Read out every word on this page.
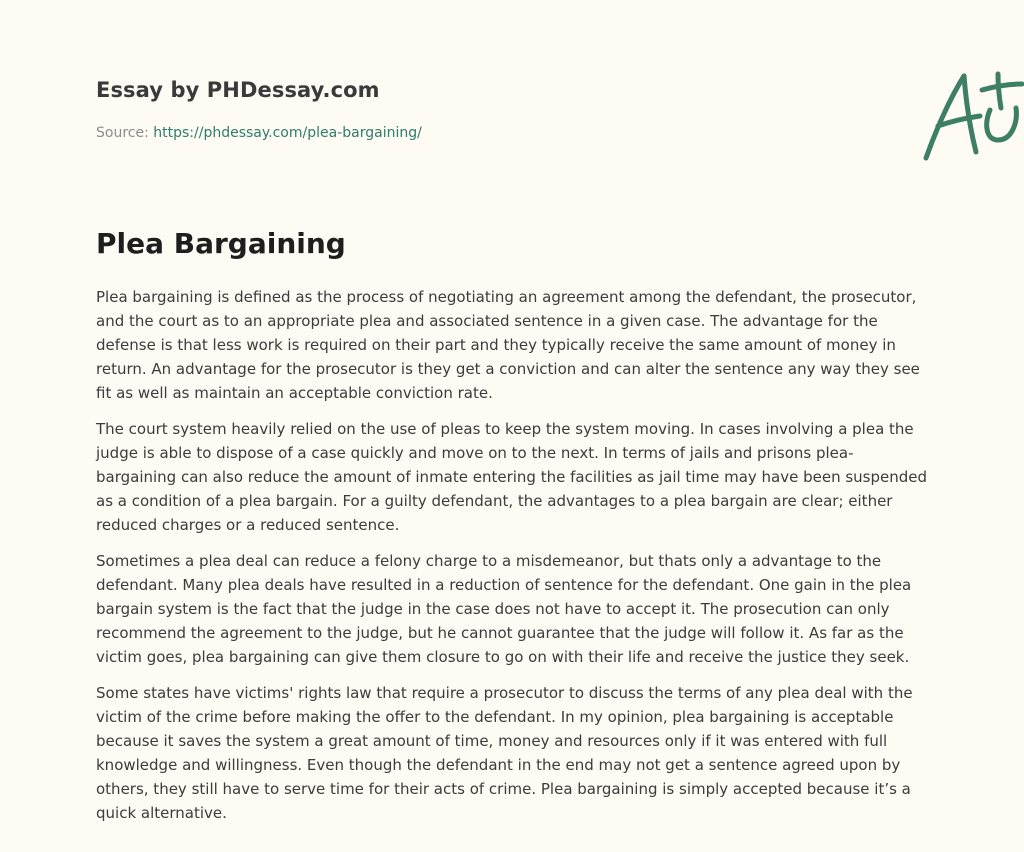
Essay by PHDessay.com
Source: https://phdessay.com/plea-bargaining/
Plea Bargaining

Plea bargaining is defined as the process of negotiating an agreement among the defendant, the prosecutor, and the court as to an appropriate plea and associated sentence in a given case. The advantage for the defense is that less work is required on their part and they typically receive the same amount of money in return. An advantage for the prosecutor is they get a conviction and can alter the sentence any way they see fit as well as maintain an acceptable conviction rate.

The court system heavily relied on the use of pleas to keep the system moving. In cases involving a plea the judge is able to dispose of a case quickly and move on to the next. In terms of jails and prisons plea-bargaining can also reduce the amount of inmate entering the facilities as jail time may have been suspended as a condition of a plea bargain. For a guilty defendant, the advantages to a plea bargain are clear; either reduced charges or a reduced sentence.

Sometimes a plea deal can reduce a felony charge to a misdemeanor, but thats only a advantage to the defendant. Many plea deals have resulted in a reduction of sentence for the defendant. One gain in the plea bargain system is the fact that the judge in the case does not have to accept it. The prosecution can only recommend the agreement to the judge, but he cannot guarantee that the judge will follow it. As far as the victim goes, plea bargaining can give them closure to go on with their life and receive the justice they seek.

Some states have victims' rights law that require a prosecutor to discuss the terms of any plea deal with the victim of the crime before making the offer to the defendant. In my opinion, plea bargaining is acceptable because it saves the system a great amount of time, money and resources only if it was entered with full knowledge and willingness. Even though the defendant in the end may not get a sentence agreed upon by others, they still have to serve time for their acts of crime. Plea bargaining is simply accepted because it’s a quick alternative.
